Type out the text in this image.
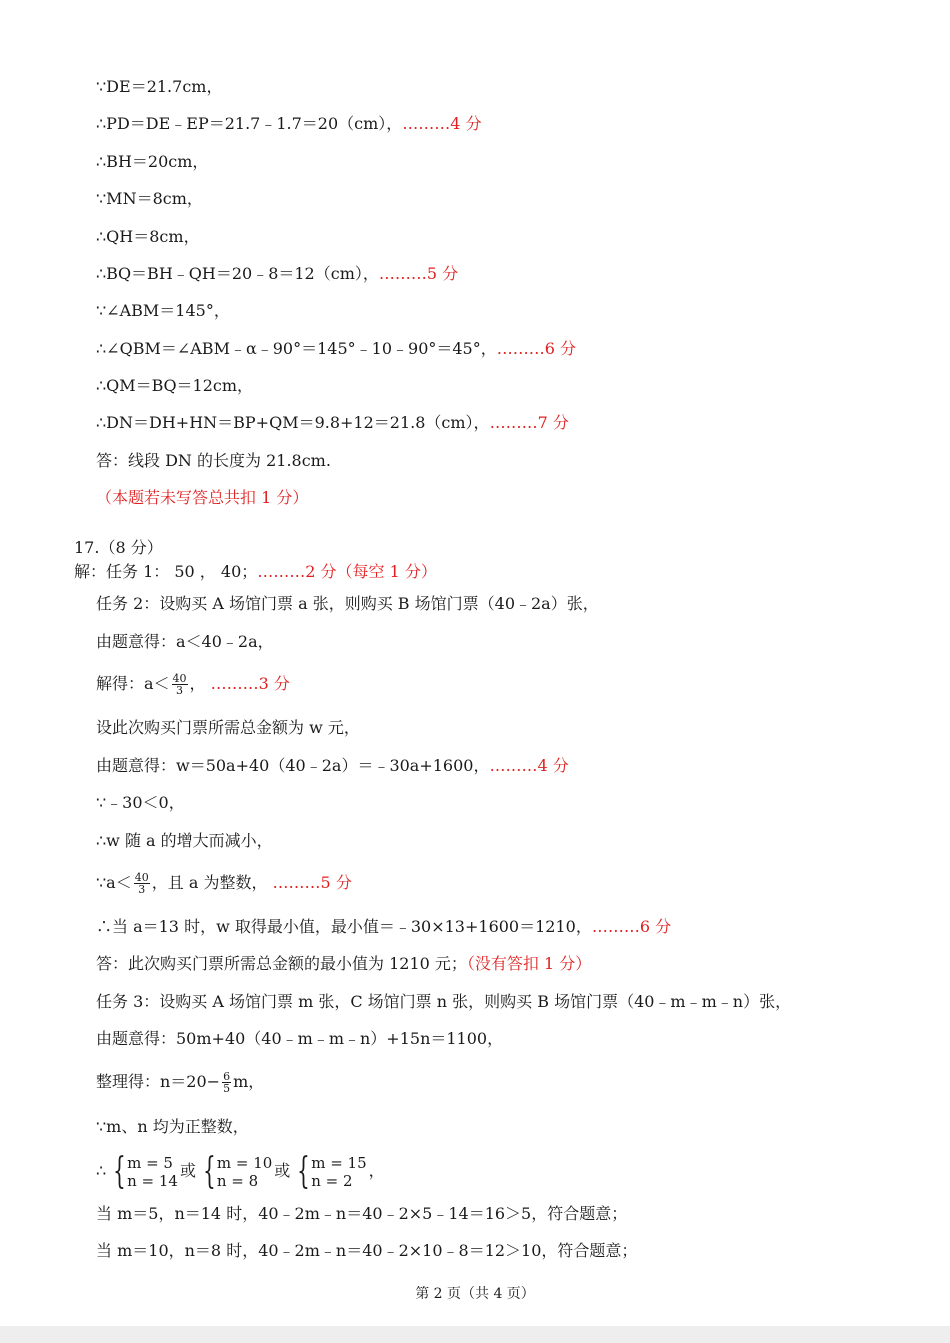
∵DE＝21.7cm，
∴PD＝DE﹣EP＝21.7﹣1.7＝20（cm），………4 分
∴BH＝20cm，
∵MN＝8cm，
∴QH＝8cm，
∴BQ＝BH﹣QH＝20﹣8＝12（cm），………5 分
∵∠ABM＝145°，
∴∠QBM＝∠ABM﹣α﹣90°＝145°﹣10﹣90°＝45°，………6 分
∴QM＝BQ＝12cm，
∴DN＝DH+HN＝BP+QM＝9.8+12＝21.8（cm），………7 分
答：线段 DN 的长度为 21.8cm.
（本题若未写答总共扣 1 分）
17.（8 分）
解：任务 1： 50 ， 40；………2 分（每空 1 分）
任务 2：设购买 A 场馆门票 a 张，则购买 B 场馆门票（40﹣2a）张，
由题意得：a＜40﹣2a，
解得：$a< \frac{40}{3}$ ， ………3 分
设此次购买门票所需总金额为 w 元，
由题意得：w＝50a+40（40﹣2a）＝﹣30a+1600，………4 分
∵﹣30＜0，
∴w 随 a 的增大而减小，
∵a＜ $\frac{40}{3}$ ，且 a 为整数， ………5 分
∴当 a＝13 时，w 取得最小值，最小值＝﹣30×13+1600＝1210，………6 分
答：此次购买门票所需总金额的最小值为 1210 元；（没有答扣 1 分）
任务 3：设购买 A 场馆门票 m 张，C 场馆门票 n 张，则购买 B 场馆门票（40﹣m﹣m﹣n）张，
由题意得：50m+40（40﹣m﹣m﹣n）+15n＝1100，
整理得：$n=20- \frac{6}{5}$ m，
∵m、n 均为正整数，
∴ { m = 5
n = 14
或 { m = 10
n = 8
或 { m = 15
n = 2
，
当 m＝5，n＝14 时，40﹣2m﹣n＝40﹣2×5﹣14＝16＞5，符合题意；
当 m＝10，n＝8 时，40﹣2m﹣n＝40﹣2×10﹣8＝12＞10，符合题意；
第 2 页（共 4 页）
